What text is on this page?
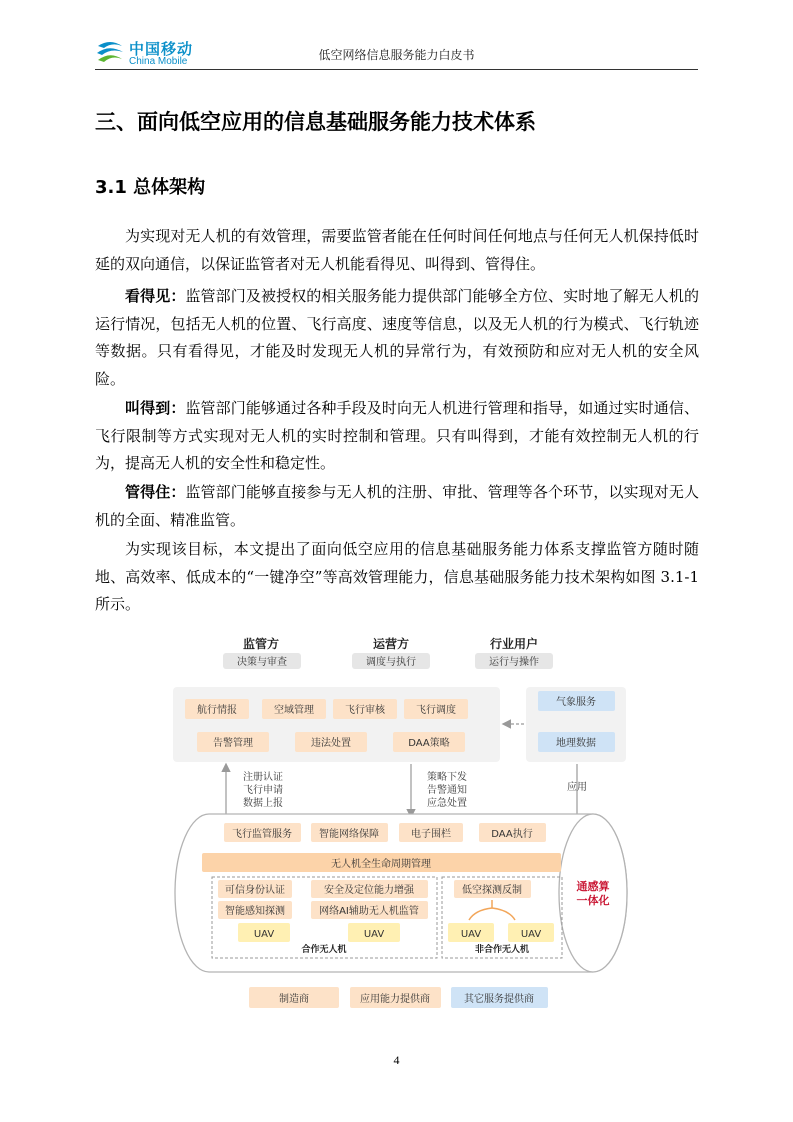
中国移动
China Mobile	低空网络信息服务能力白皮书
三、面向低空应用的信息基础服务能力技术体系
3.1 总体架构

为实现对无人机的有效管理，需要监管者能在任何时间任何地点与任何无人机保持低时延的双向通信，以保证监管者对无人机能看得见、叫得到、管得住。

看得见：监管部门及被授权的相关服务能力提供部门能够全方位、实时地了解无人机的运行情况，包括无人机的位置、飞行高度、速度等信息，以及无人机的行为模式、飞行轨迹等数据。只有看得见，才能及时发现无人机的异常行为，有效预防和应对无人机的安全风险。

叫得到：监管部门能够通过各种手段及时向无人机进行管理和指导，如通过实时通信、飞行限制等方式实现对无人机的实时控制和管理。只有叫得到，才能有效控制无人机的行为，提高无人机的安全性和稳定性。

管得住：监管部门能够直接参与无人机的注册、审批、管理等各个环节，以实现对无人机的全面、精准监管。

为实现该目标，本文提出了面向低空应用的信息基础服务能力体系支撑监管方随时随地、高效率、低成本的“一键净空”等高效管理能力，信息基础服务能力技术架构如图 3.1-1 所示。

监管方
决策与审查
运营方
调度与执行
行业用户
运行与操作
航行情报	空域管理	飞行审核	飞行调度
告警管理	违法处置	DAA策略
气象服务
地理数据
注册认证
飞行申请
数据上报
策略下发
告警通知
应急处置
应用
通感算
一体化
飞行监管服务	智能网络保障	电子围栏	DAA执行
无人机全生命周期管理
可信身份认证	安全及定位能力增强
智能感知探测	网络AI辅助无人机监管
UAV	UAV
合作无人机
低空探测反制
UAV	UAV
非合作无人机
制造商	应用能力提供商	其它服务提供商
4
